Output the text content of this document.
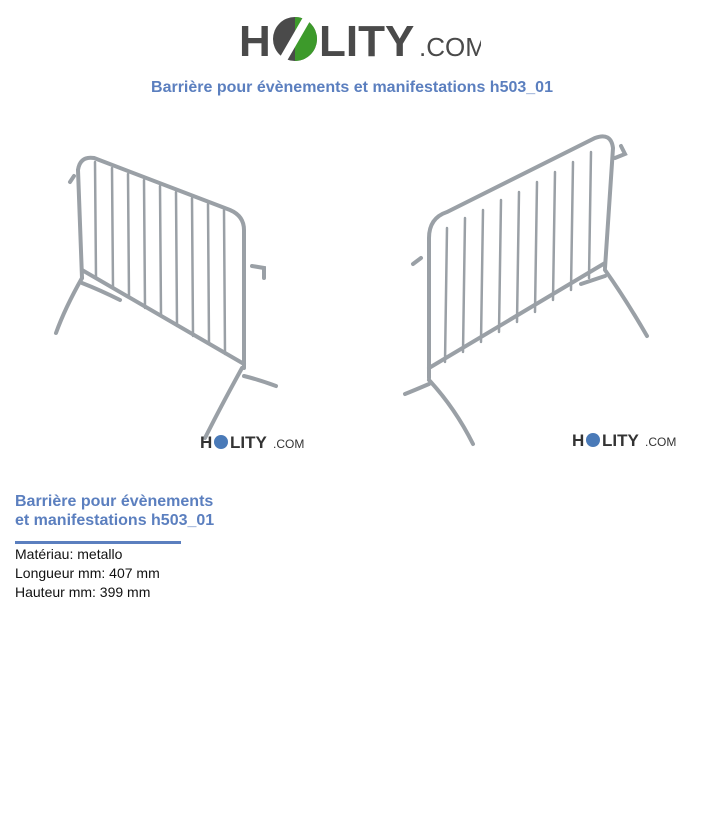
H LITY .COM
Barrière pour évènements et manifestations h503_01
H LITY .COM	H LITY .COM
Barrière pour évènements
et manifestations h503_01
Matériau: metallo
Longueur mm: 407 mm
Hauteur mm: 399 mm
